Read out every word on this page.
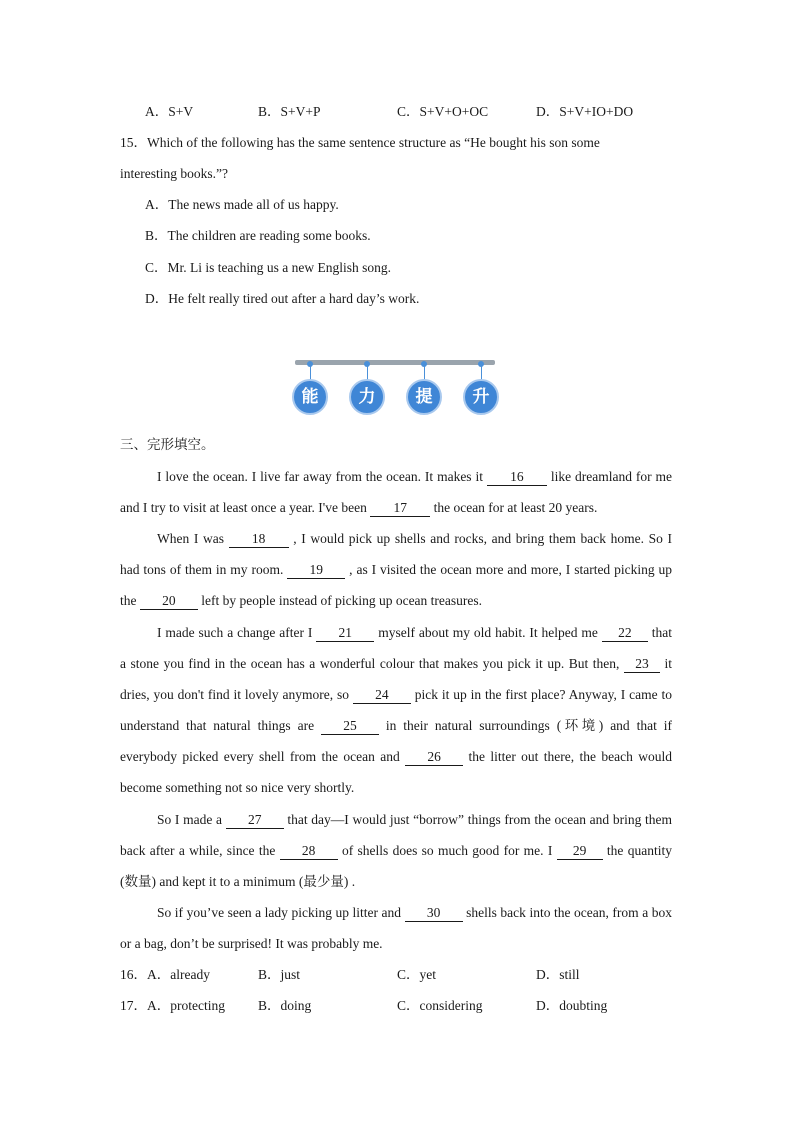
A．S+V	B．S+V+P	C．S+V+O+OC	D．S+V+IO+DO
15．Which of the following has the same sentence structure as “He bought his son some
interesting books.”?
A．The news made all of us happy.
B．The children are reading some books.
C．Mr. Li is teaching us a new English song.
D．He felt really tired out after a hard day’s work.
能	力	提	升
三、完形填空。
I love the ocean. I live far away from the ocean. It makes it 16 like dreamland for me and I try to visit at least once a year. I've been 17 the ocean for at least 20 years.
When I was 18 , I would pick up shells and rocks, and bring them back home. So I had tons of them in my room. 19 , as I visited the ocean more and more, I started picking up the 20 left by people instead of picking up ocean treasures.
I made such a change after I 21 myself about my old habit. It helped me 22 that a stone you find in the ocean has a wonderful colour that makes you pick it up. But then, 23 it dries, you don't find it lovely anymore, so 24 pick it up in the first place? Anyway, I came to understand that natural things are 25 in their natural surroundings (环境) and that if everybody picked every shell from the ocean and 26 the litter out there, the beach would become something not so nice very shortly.
So I made a 27 that day—I would just “borrow” things from the ocean and bring them back after a while, since the 28 of shells does so much good for me. I 29 the quantity (数量) and kept it to a minimum (最少量) .
So if you’ve seen a lady picking up litter and 30 shells back into the ocean, from a box or a bag, don’t be surprised! It was probably me.
16．A．already	B．just	C．yet	D．still
17．A．protecting B．doing	C．considering	D．doubting
